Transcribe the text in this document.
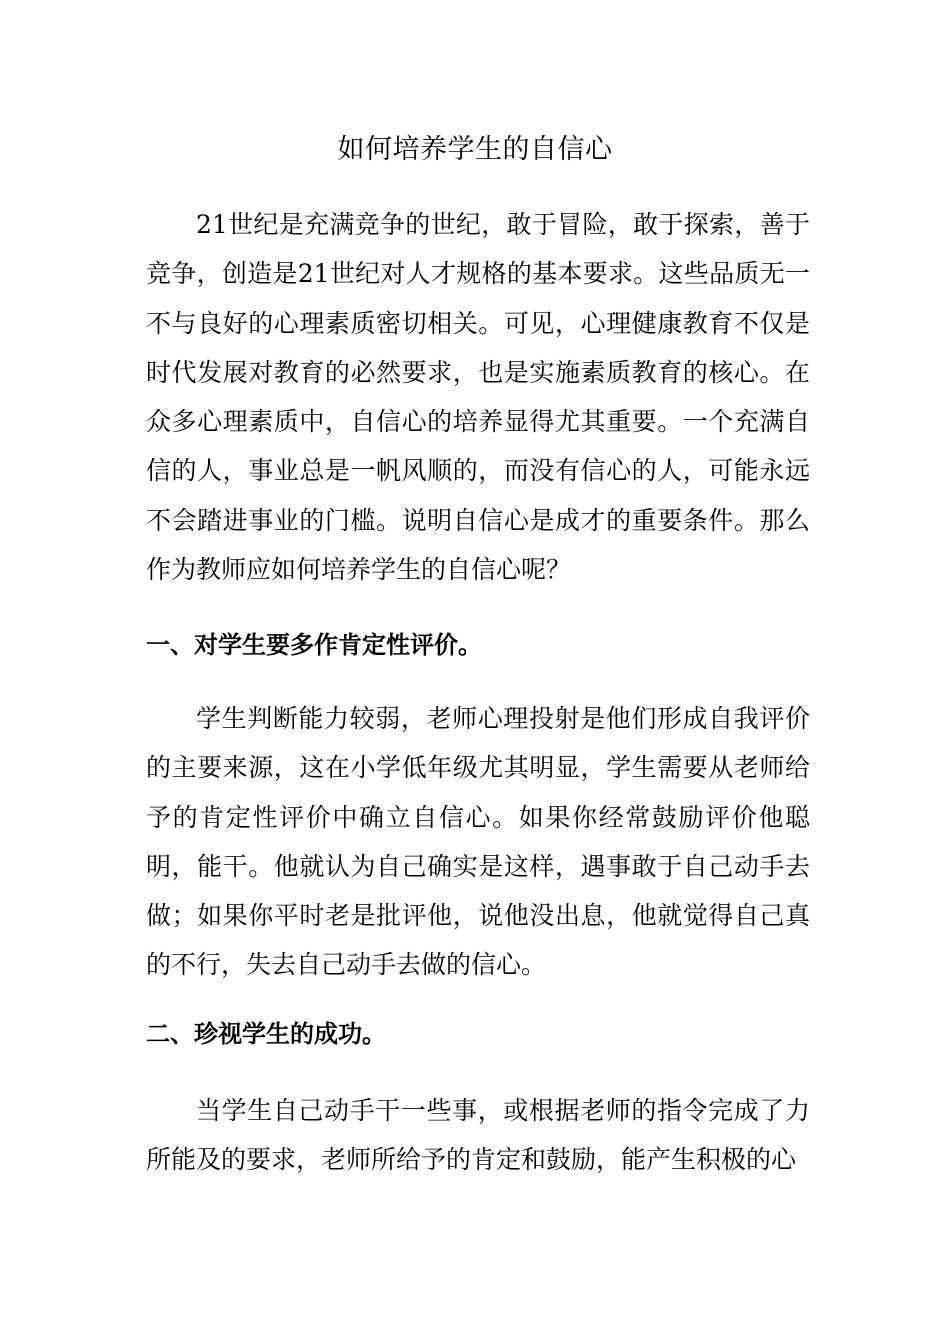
如何培养学生的自信心

21世纪是充满竞争的世纪，敢于冒险，敢于探索，善于竞争，创造是21世纪对人才规格的基本要求。这些品质无一不与良好的心理素质密切相关。可见，心理健康教育不仅是时代发展对教育的必然要求，也是实施素质教育的核心。在众多心理素质中，自信心的培养显得尤其重要。一个充满自信的人，事业总是一帆风顺的，而没有信心的人，可能永远不会踏进事业的门槛。说明自信心是成才的重要条件。那么作为教师应如何培养学生的自信心呢？

一、对学生要多作肯定性评价。

学生判断能力较弱，老师心理投射是他们形成自我评价的主要来源，这在小学低年级尤其明显，学生需要从老师给予的肯定性评价中确立自信心。如果你经常鼓励评价他聪明，能干。他就认为自己确实是这样，遇事敢于自己动手去做；如果你平时老是批评他，说他没出息，他就觉得自己真的不行，失去自己动手去做的信心。

二、珍视学生的成功。

当学生自己动手干一些事，或根据老师的指令完成了力所能及的要求，老师所给予的肯定和鼓励，能产生积极的心
